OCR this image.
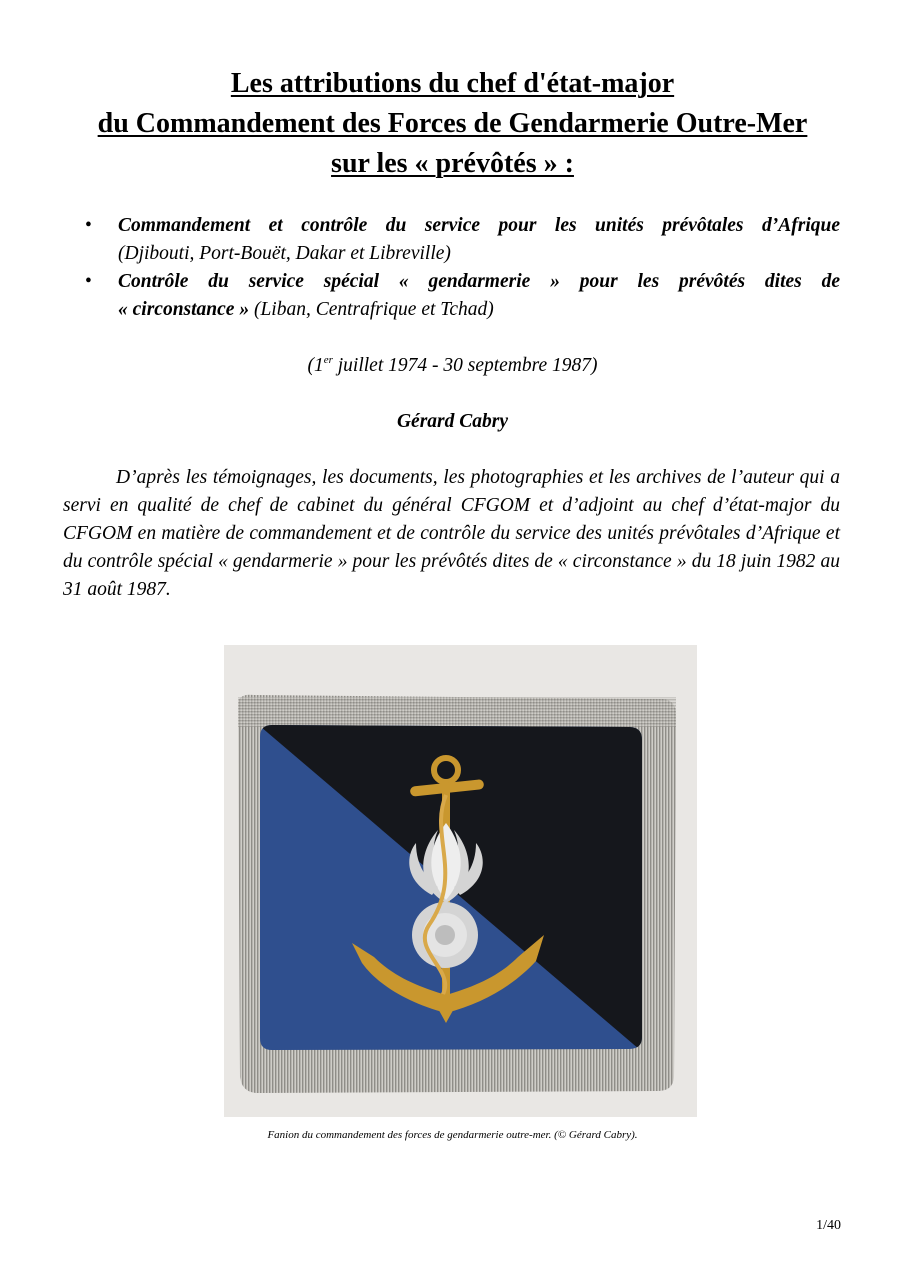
Les attributions du chef d'état-major
du Commandement des Forces de Gendarmerie Outre-Mer
sur les « prévôtés » :
• Commandement et contrôle du service pour les unités prévôtales d’Afrique
(Djibouti, Port-Bouët, Dakar et Libreville)
• Contrôle du service spécial « gendarmerie » pour les prévôtés dites de
« circonstance » (Liban, Centrafrique et Tchad)
(1er juillet 1974 - 30 septembre 1987)
Gérard Cabry

D’après les témoignages, les documents, les photographies et les archives de l’auteur qui a servi en qualité de chef de cabinet du général CFGOM et d’adjoint au chef d’état-major du CFGOM en matière de commandement et de contrôle du service des unités prévôtales d’Afrique et du contrôle spécial « gendarmerie » pour les prévôtés dites de « circonstance » du 18 juin 1982 au 31 août 1987.

Fanion du commandement des forces de gendarmerie outre-mer. (© Gérard Cabry).
1/40
